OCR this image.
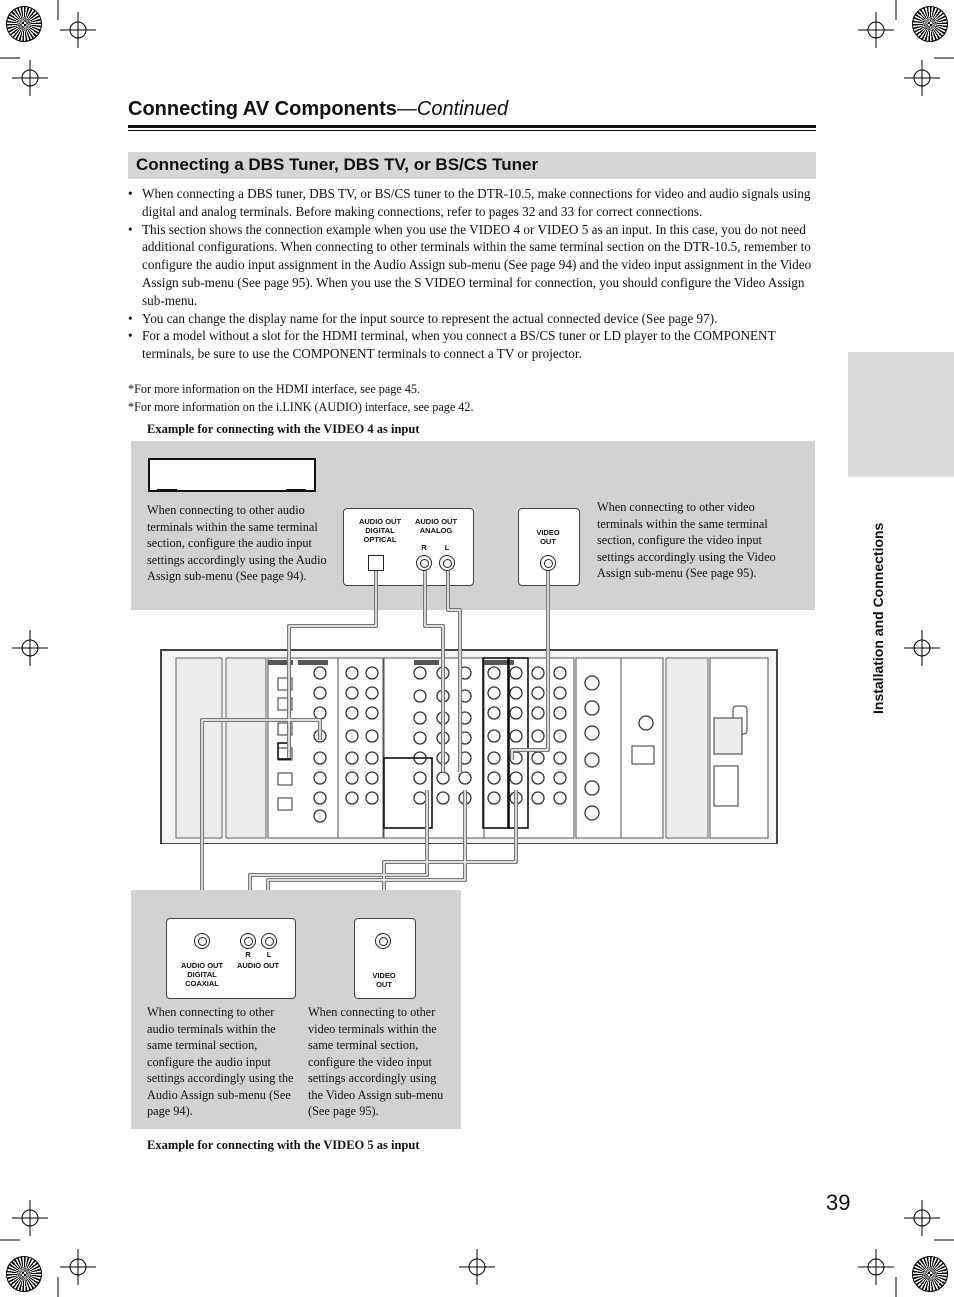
Connecting AV Components—Continued
Connecting a DBS Tuner, DBS TV, or BS/CS Tuner
• When connecting a DBS tuner, DBS TV, or BS/CS tuner to the DTR-10.5, make connections for video and audio signals using digital and analog terminals. Before making connections, refer to pages 32 and 33 for correct connections.
• This section shows the connection example when you use the VIDEO 4 or VIDEO 5 as an input. In this case, you do not need additional configurations. When connecting to other terminals within the same terminal section on the DTR-10.5, remember to configure the audio input assignment in the Audio Assign sub-menu (See page 94) and the video input assignment in the Video Assign sub-menu (See page 95). When you use the S VIDEO terminal for connection, you should configure the Video Assign sub-menu.
• You can change the display name for the input source to represent the actual connected device (See page 97).
• For a model without a slot for the HDMI terminal, when you connect a BS/CS tuner or LD player to the COMPONENT terminals, be sure to use the COMPONENT terminals to connect a TV or projector.
*For more information on the HDMI interface, see page 45.
*For more information on the i.LINK (AUDIO) interface, see page 42.
Example for connecting with the VIDEO 4 as input
When connecting to other audio terminals within the same terminal section, configure the audio input settings accordingly using the Audio Assign sub-menu (See page 94).
When connecting to other video terminals within the same terminal section, configure the video input settings accordingly using the Video Assign sub-menu (See page 95).
AUDIO OUT
DIGITAL
OPTICAL
AUDIO OUT
ANALOG
R	L
VIDEO
OUT
R	L
AUDIO OUT
DIGITAL
COAXIAL
AUDIO OUT
VIDEO
OUT
When connecting to other audio terminals within the same terminal section, configure the audio input settings accordingly using the Audio Assign sub-menu (See page 94).
When connecting to other video terminals within the same terminal section, configure the video input settings accordingly using the Video Assign sub-menu (See page 95).
Example for connecting with the VIDEO 5 as input
Installation and Connections
39
